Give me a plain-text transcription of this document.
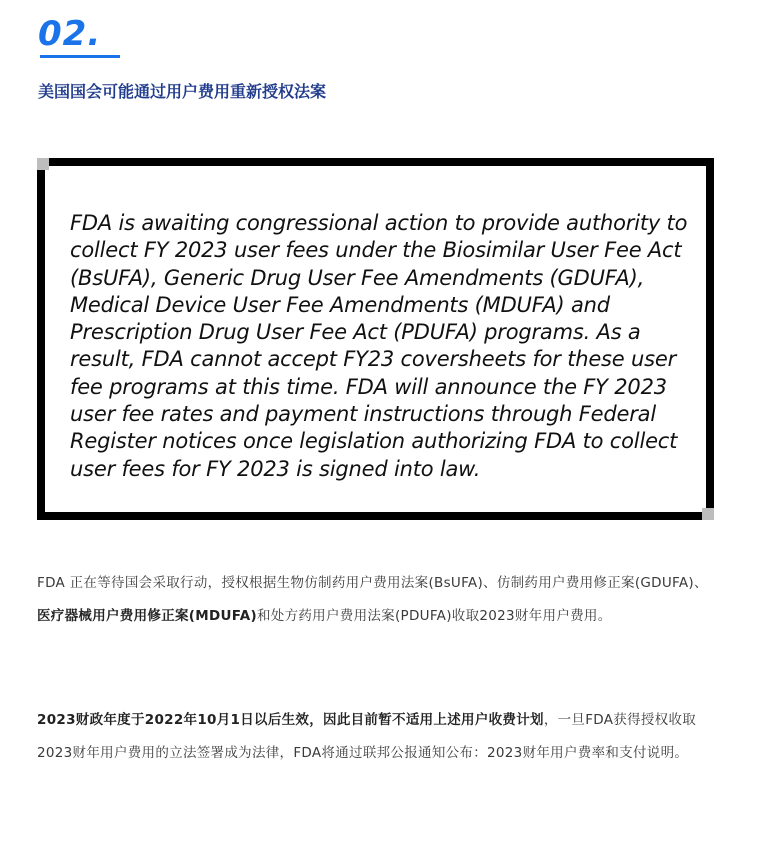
02.
美国国会可能通过用户费用重新授权法案
FDA is awaiting congressional action to provide authority to collect FY 2023 user fees under the Biosimilar User Fee Act (BsUFA), Generic Drug User Fee Amendments (GDUFA), Medical Device User Fee Amendments (MDUFA) and Prescription Drug User Fee Act (PDUFA) programs. As a result, FDA cannot accept FY23 coversheets for these user fee programs at this time. FDA will announce the FY 2023 user fee rates and payment instructions through Federal Register notices once legislation authorizing FDA to collect user fees for FY 2023 is signed into law.
FDA 正在等待国会采取行动，授权根据生物仿制药用户费用法案(BsUFA)、仿制药用户费用修正案(GDUFA)、医疗器械用户费用修正案(MDUFA)和处方药用户费用法案(PDUFA)收取2023财年用户费用。
2023财政年度于2022年10月1日以后生效，因此目前暂不适用上述用户收费计划，一旦FDA获得授权收取2023财年用户费用的立法签署成为法律，FDA将通过联邦公报通知公布：2023财年用户费率和支付说明。
